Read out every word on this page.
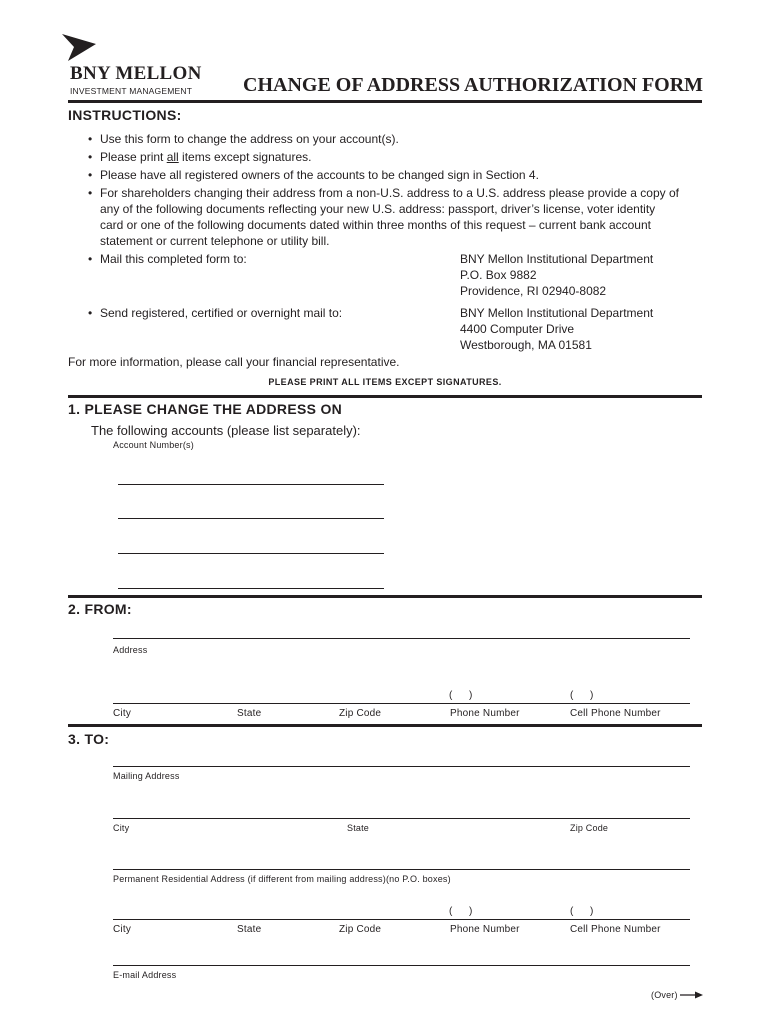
BNY MELLON
INVESTMENT MANAGEMENT	CHANGE OF ADDRESS AUTHORIZATION FORM
INSTRUCTIONS:
• Use this form to change the address on your account(s).
• Please print all items except signatures.
• Please have all registered owners of the accounts to be changed sign in Section 4.
• For shareholders changing their address from a non-U.S. address to a U.S. address please provide a copy of
any of the following documents reflecting your new U.S. address: passport, driver’s license, voter identity
card or one of the following documents dated within three months of this request – current bank account
statement or current telephone or utility bill.
• Mail this completed form to:	BNY Mellon Institutional Department
P.O. Box 9882
Providence, RI 02940-8082
• Send registered, certified or overnight mail to:	BNY Mellon Institutional Department
4400 Computer Drive
Westborough, MA 01581
For more information, please call your financial representative.
PLEASE PRINT ALL ITEMS EXCEPT SIGNATURES.
1. PLEASE CHANGE THE ADDRESS ON
The following accounts (please list separately):
Account Number(s)
2. FROM:
Address
(      )	(      )
City	State	Zip Code	Phone Number	Cell Phone Number
3. TO:
Mailing Address
City	State	Zip Code
Permanent Residential Address (if different from mailing address)(no P.O. boxes)
(      )	(      )
City	State	Zip Code	Phone Number	Cell Phone Number
E-mail Address
(Over)
